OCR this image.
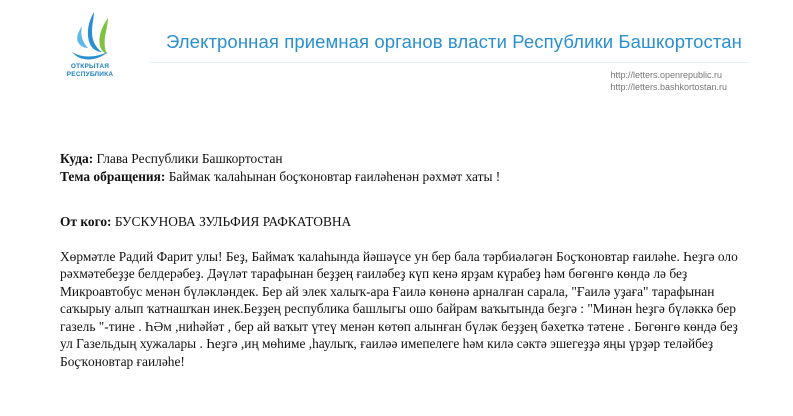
ОТКРЫТАЯ
РЕСПУБЛИКА
Электронная приемная органов власти Республики Башкортостан
http://letters.openrepublic.ru
http://letters.bashkortostan.ru
Куда: Глава Республики Башкортостан
Тема обращения: Баймак ҡалаһынан боҫҡоновтар ғаиләһенән рәхмәт хаты !
От кого: БУСКУНОВА ЗУЛЬФИЯ РАФКАТОВНА
Хөрмәтле Радий Фарит улы! Беҙ, Баймаҡ ҡалаһында йәшәүсе ун бер бала тәрбиәләгән Боҫҡоновтар ғаиләһе. Һеҙгә оло
рәхмәтебеҙҙе белдерәбеҙ. Дәүләт тарафынан беҙҙең ғаиләбеҙ күп кенә ярҙам күрабеҙ һәм бөгөнгө көндә лә беҙ
Микроавтобус менән бүләкләндек. Бер ай элек халыҡ-ара Ғаилә көнөнә арналған сарала, "Ғаилә уҙаға" тарафынан
саҡырыу алып ҡатнашҡан инек.Беҙҙең республика башлыгы ошо байрам ваҡытында беҙгә : "Минән һеҙгә бүләккә бер
газель "-тине . ҺӘм ,ниһәйәт , бер ай ваҡыт үтеү менән көтөп алынған бүләк беҙҙең бәхеткә тәтене . Бөгөнгө көндә беҙ
ул Газельдың хужалары . Һеҙгә ,иң мөһиме ,һаулыҡ, ғаиләә имепелеге һәм килә сәктә эшегеҙҙә яңы үрҙәр теләйбеҙ
Боҫҡоновтар ғаиләһе!
